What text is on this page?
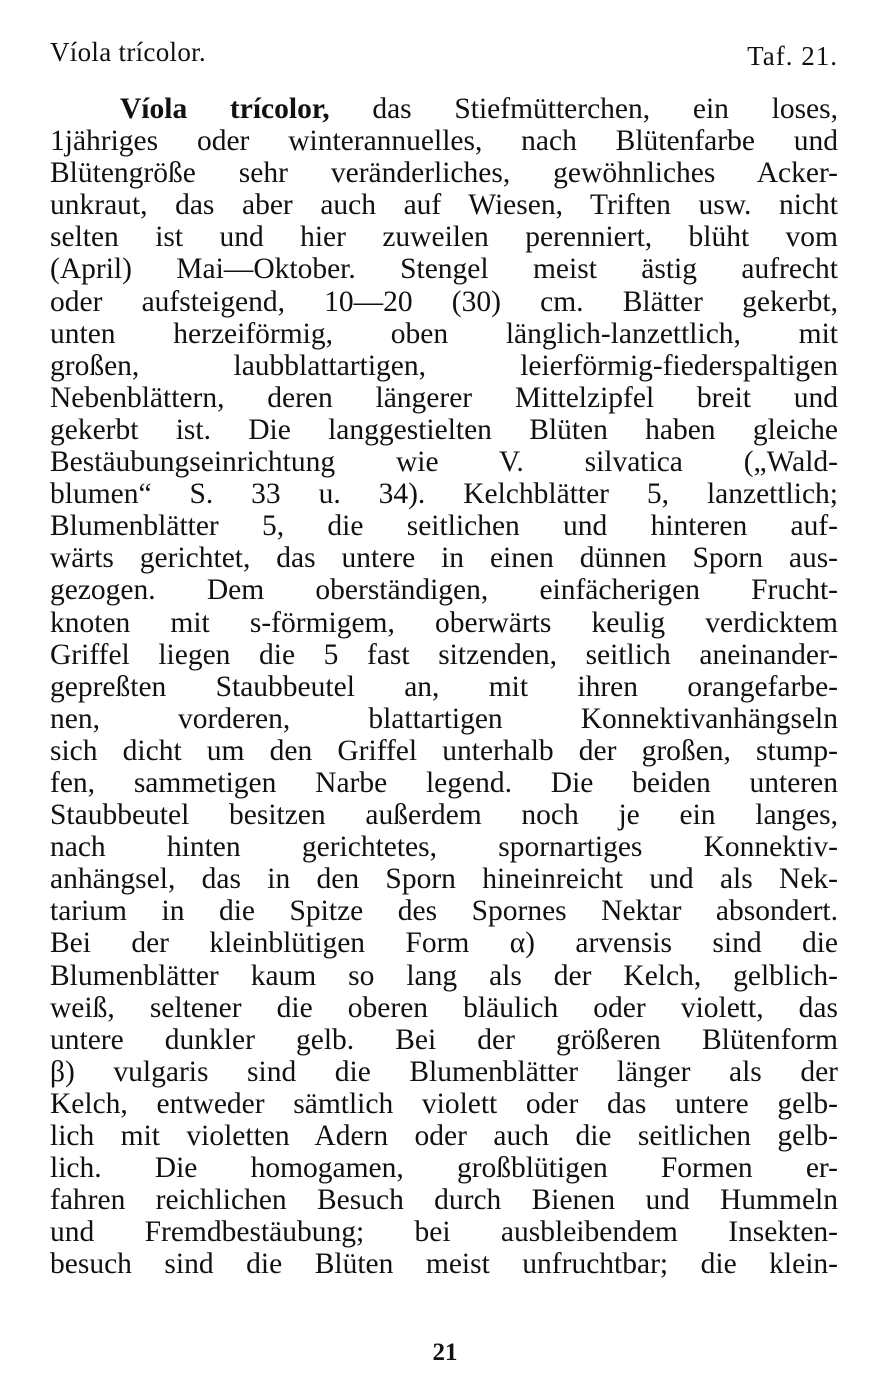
Víola trícolor.	Taf. 21.
Víola trícolor, das Stiefmütterchen, ein loses,
1jähriges oder winterannuelles, nach Blütenfarbe und
Blütengröße sehr veränderliches, gewöhnliches Acker-
unkraut, das aber auch auf Wiesen, Triften usw. nicht
selten ist und hier zuweilen perenniert, blüht vom
(April) Mai—Oktober. Stengel meist ästig aufrecht
oder aufsteigend, 10—20 (30) cm. Blätter gekerbt,
unten herzeiförmig, oben länglich-lanzettlich, mit
großen, laubblattartigen, leierförmig-fiederspaltigen
Nebenblättern, deren längerer Mittelzipfel breit und
gekerbt ist. Die langgestielten Blüten haben gleiche
Bestäubungseinrichtung wie V. silvatica („Wald-
blumen“ S. 33 u. 34). Kelchblätter 5, lanzettlich;
Blumenblätter 5, die seitlichen und hinteren auf-
wärts gerichtet, das untere in einen dünnen Sporn aus-
gezogen. Dem oberständigen, einfächerigen Frucht-
knoten mit s-förmigem, oberwärts keulig verdicktem
Griffel liegen die 5 fast sitzenden, seitlich aneinander-
gepreßten Staubbeutel an, mit ihren orangefarbe-
nen, vorderen, blattartigen Konnektivanhängseln
sich dicht um den Griffel unterhalb der großen, stump-
fen, sammetigen Narbe legend. Die beiden unteren
Staubbeutel besitzen außerdem noch je ein langes,
nach hinten gerichtetes, spornartiges Konnektiv-
anhängsel, das in den Sporn hineinreicht und als Nek-
tarium in die Spitze des Spornes Nektar absondert.
Bei der kleinblütigen Form α) arvensis sind die
Blumenblätter kaum so lang als der Kelch, gelblich-
weiß, seltener die oberen bläulich oder violett, das
untere dunkler gelb. Bei der größeren Blütenform
β) vulgaris sind die Blumenblätter länger als der
Kelch, entweder sämtlich violett oder das untere gelb-
lich mit violetten Adern oder auch die seitlichen gelb-
lich. Die homogamen, großblütigen Formen er-
fahren reichlichen Besuch durch Bienen und Hummeln
und Fremdbestäubung; bei ausbleibendem Insekten-
besuch sind die Blüten meist unfruchtbar; die klein-
21
